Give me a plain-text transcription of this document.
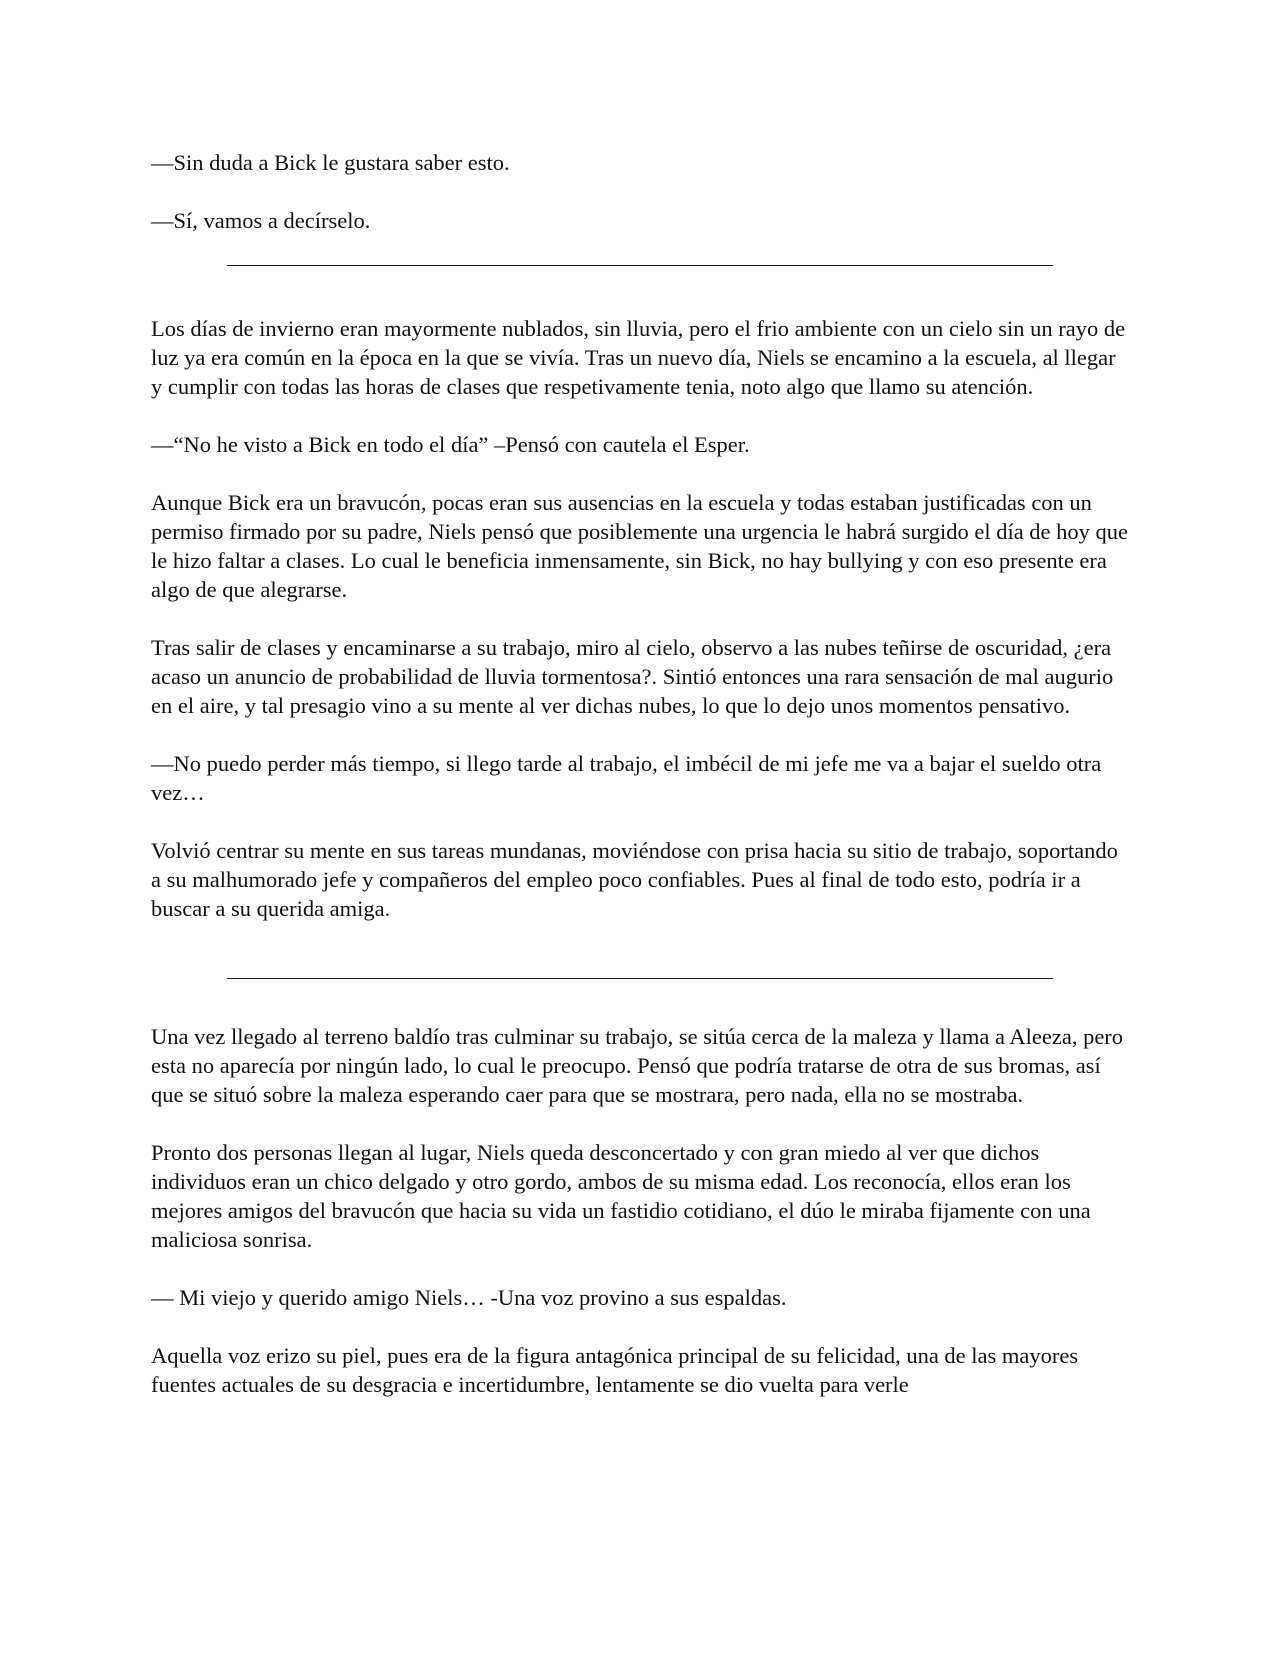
—Sin duda a Bick le gustara saber esto.

—Sí, vamos a decírselo.

Los días de invierno eran mayormente nublados, sin lluvia, pero el frio ambiente con un cielo sin un rayo de luz ya era común en la época en la que se vivía. Tras un nuevo día, Niels se encamino a la escuela, al llegar y cumplir con todas las horas de clases que respetivamente tenia, noto algo que llamo su atención.

—“No he visto a Bick en todo el día” –Pensó con cautela el Esper.

Aunque Bick era un bravucón, pocas eran sus ausencias en la escuela y todas estaban justificadas con un permiso firmado por su padre, Niels pensó que posiblemente una urgencia le habrá surgido el día de hoy que le hizo faltar a clases. Lo cual le beneficia inmensamente, sin Bick, no hay bullying y con eso presente era algo de que alegrarse.

Tras salir de clases y encaminarse a su trabajo, miro al cielo, observo a las nubes teñirse de oscuridad, ¿era acaso un anuncio de probabilidad de lluvia tormentosa?. Sintió entonces una rara sensación de mal augurio en el aire, y tal presagio vino a su mente al ver dichas nubes, lo que lo dejo unos momentos pensativo.

—No puedo perder más tiempo, si llego tarde al trabajo, el imbécil de mi jefe me va a bajar el sueldo otra vez…

Volvió centrar su mente en sus tareas mundanas, moviéndose con prisa hacia su sitio de trabajo, soportando a su malhumorado jefe y compañeros del empleo poco confiables. Pues al final de todo esto, podría ir a buscar a su querida amiga.

Una vez llegado al terreno baldío tras culminar su trabajo, se sitúa cerca de la maleza y llama a Aleeza, pero esta no aparecía por ningún lado, lo cual le preocupo. Pensó que podría tratarse de otra de sus bromas, así que se situó sobre la maleza esperando caer para que se mostrara, pero nada, ella no se mostraba.

Pronto dos personas llegan al lugar, Niels queda desconcertado y con gran miedo al ver que dichos individuos eran un chico delgado y otro gordo, ambos de su misma edad. Los reconocía, ellos eran los mejores amigos del bravucón que hacia su vida un fastidio cotidiano, el dúo le miraba fijamente con una maliciosa sonrisa.

— Mi viejo y querido amigo Niels… -Una voz provino a sus espaldas.

Aquella voz erizo su piel, pues era de la figura antagónica principal de su felicidad, una de las mayores fuentes actuales de su desgracia e incertidumbre, lentamente se dio vuelta para verle
